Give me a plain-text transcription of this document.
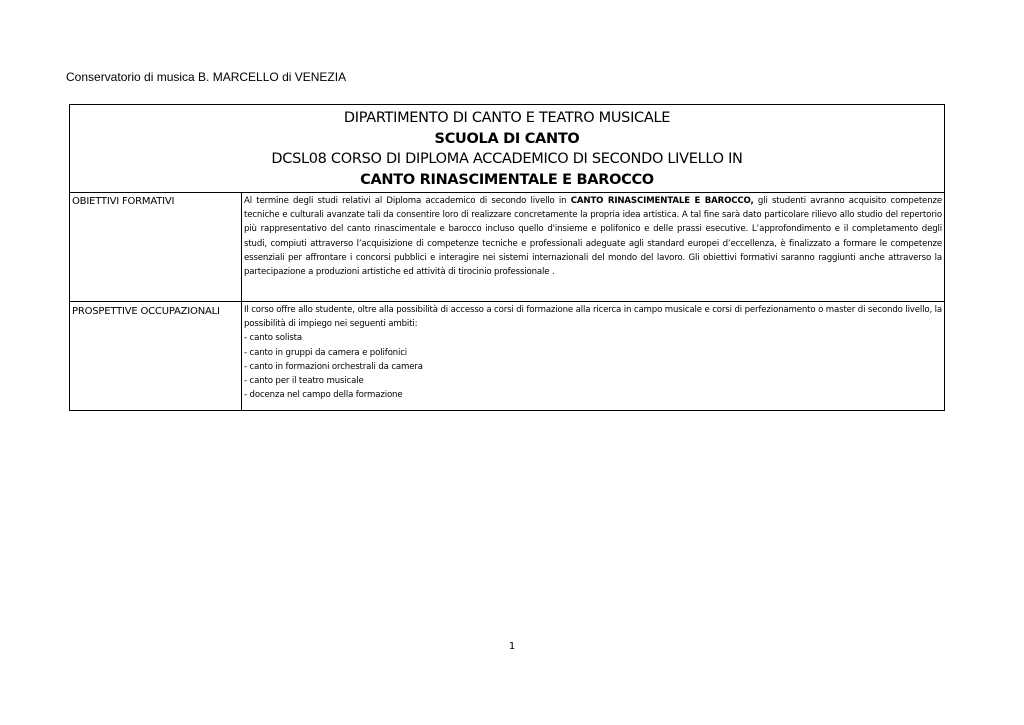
Conservatorio di musica B. MARCELLO di VENEZIA
DIPARTIMENTO DI CANTO E TEATRO MUSICALE
SCUOLA DI CANTO
DCSL08 CORSO DI DIPLOMA ACCADEMICO DI SECONDO LIVELLO IN
CANTO RINASCIMENTALE E BAROCCO
OBIETTIVI FORMATIVI	Al termine degli studi relativi al Diploma accademico di secondo livello in CANTO RINASCIMENTALE E BAROCCO, gli studenti avranno acquisito competenze tecniche e culturali avanzate tali da consentire loro di realizzare concretamente la propria idea artistica. A tal fine sarà dato particolare rilievo allo studio del repertorio più rappresentativo del canto rinascimentale e barocco incluso quello d'insieme e polifonico e delle prassi esecutive. L’approfondimento e il completamento degli studi, compiuti attraverso l’acquisizione di competenze tecniche e professionali adeguate agli standard europei d’eccellenza, è finalizzato a formare le competenze essenziali per affrontare i concorsi pubblici e interagire nei sistemi internazionali del mondo del lavoro. Gli obiettivi formativi saranno raggiunti anche attraverso la partecipazione a produzioni artistiche ed attività di tirocinio professionale .
PROSPETTIVE OCCUPAZIONALI	Il corso offre allo studente, oltre alla possibilità di accesso a corsi di formazione alla ricerca in campo musicale e corsi di perfezionamento o master di secondo livello, la possibilità di impiego nei seguenti ambiti:
- canto solista
- canto in gruppi da camera e polifonici
- canto in formazioni orchestrali da camera
- canto per il teatro musicale
- docenza nel campo della formazione
1
